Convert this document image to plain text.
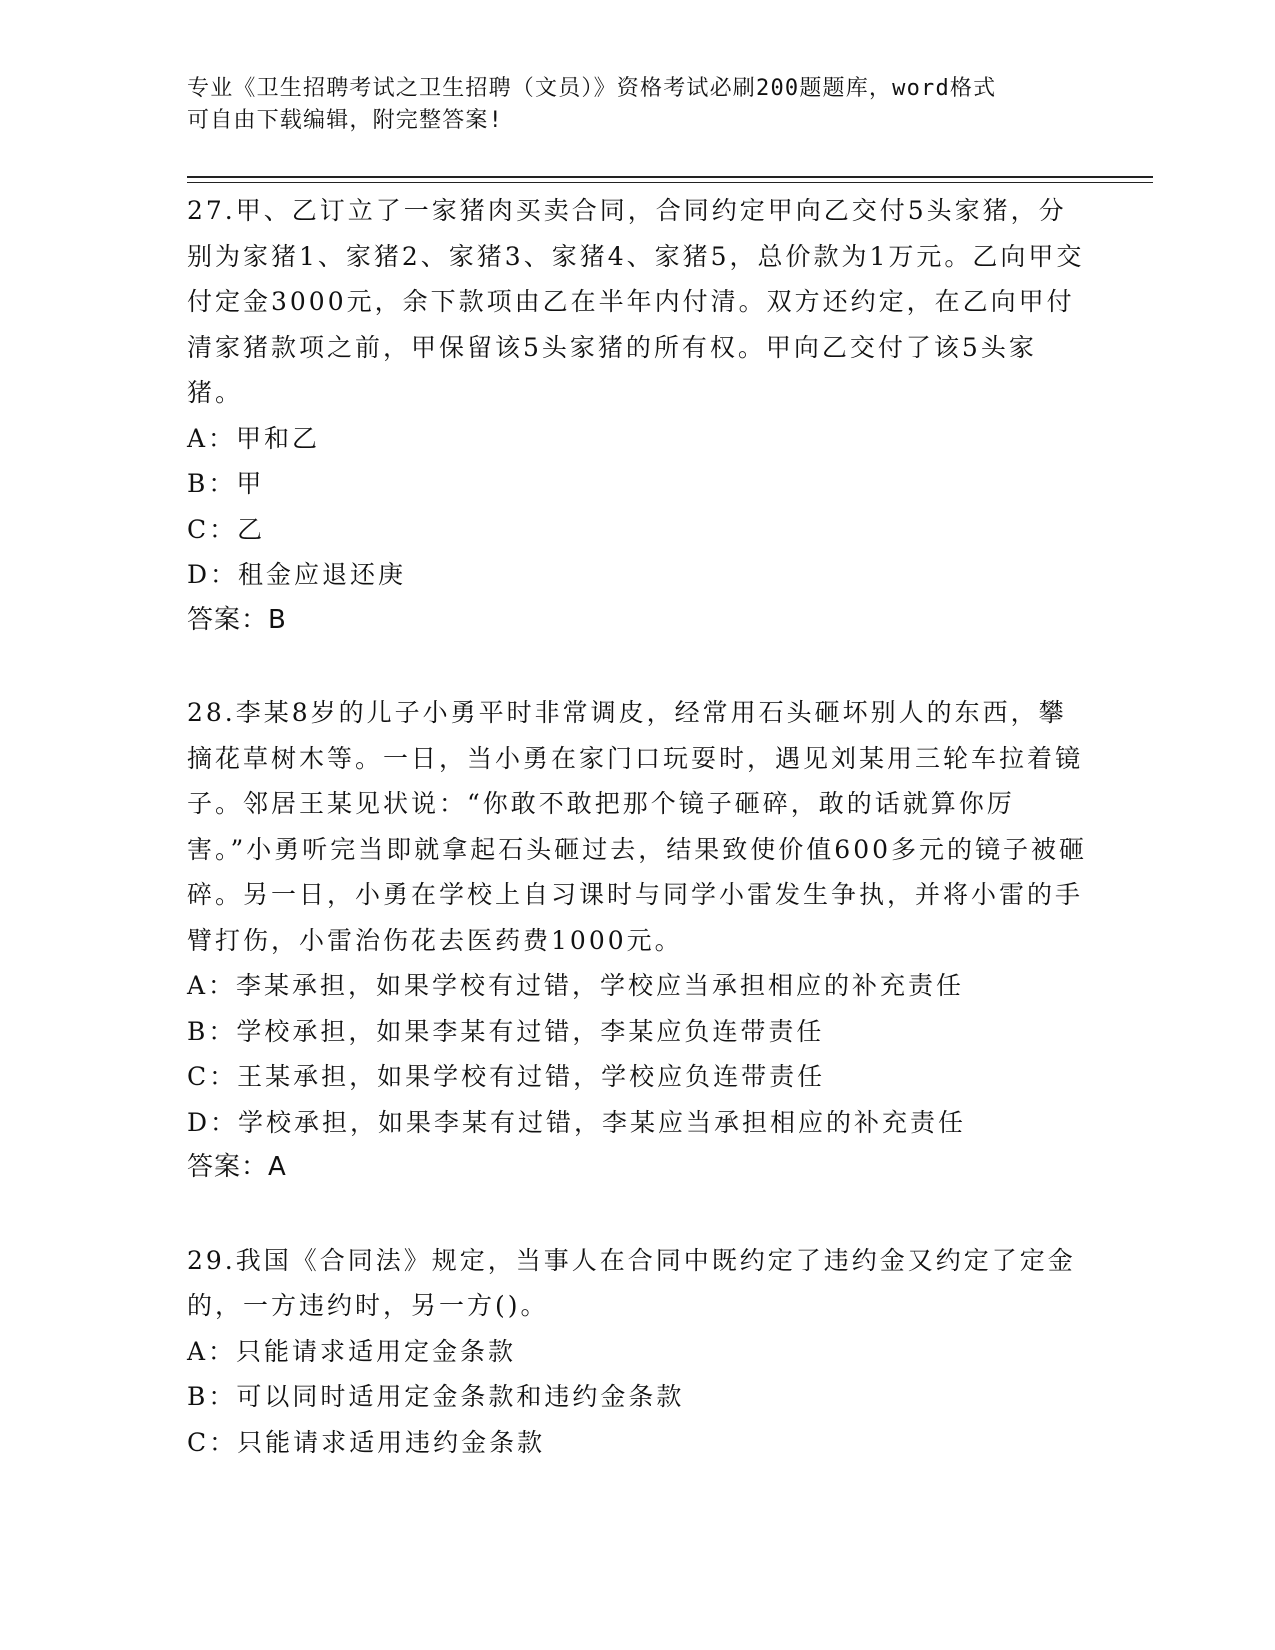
专业《卫生招聘考试之卫生招聘（文员）》资格考试必刷200题题库，word格式
可自由下载编辑，附完整答案!

27.甲、乙订立了一家猪肉买卖合同，合同约定甲向乙交付5头家猪，分别为家猪1、家猪2、家猪3、家猪4、家猪5，总价款为1万元。乙向甲交付定金3000元，余下款项由乙在半年内付清。双方还约定，在乙向甲付清家猪款项之前，甲保留该5头家猪的所有权。甲向乙交付了该5头家猪。

A：甲和乙

B：甲

C：乙

D：租金应退还庚

答案：B

28.李某8岁的儿子小勇平时非常调皮，经常用石头砸坏别人的东西，攀摘花草树木等。一日，当小勇在家门口玩耍时，遇见刘某用三轮车拉着镜子。邻居王某见状说：“你敢不敢把那个镜子砸碎，敢的话就算你厉害。”小勇听完当即就拿起石头砸过去，结果致使价值600多元的镜子被砸碎。另一日，小勇在学校上自习课时与同学小雷发生争执，并将小雷的手臂打伤，小雷治伤花去医药费1000元。

A：李某承担，如果学校有过错，学校应当承担相应的补充责任

B：学校承担，如果李某有过错，李某应负连带责任

C：王某承担，如果学校有过错，学校应负连带责任

D：学校承担，如果李某有过错，李某应当承担相应的补充责任

答案：A

29.我国《合同法》规定，当事人在合同中既约定了违约金又约定了定金的，一方违约时，另一方()。

A：只能请求适用定金条款

B：可以同时适用定金条款和违约金条款

C：只能请求适用违约金条款
